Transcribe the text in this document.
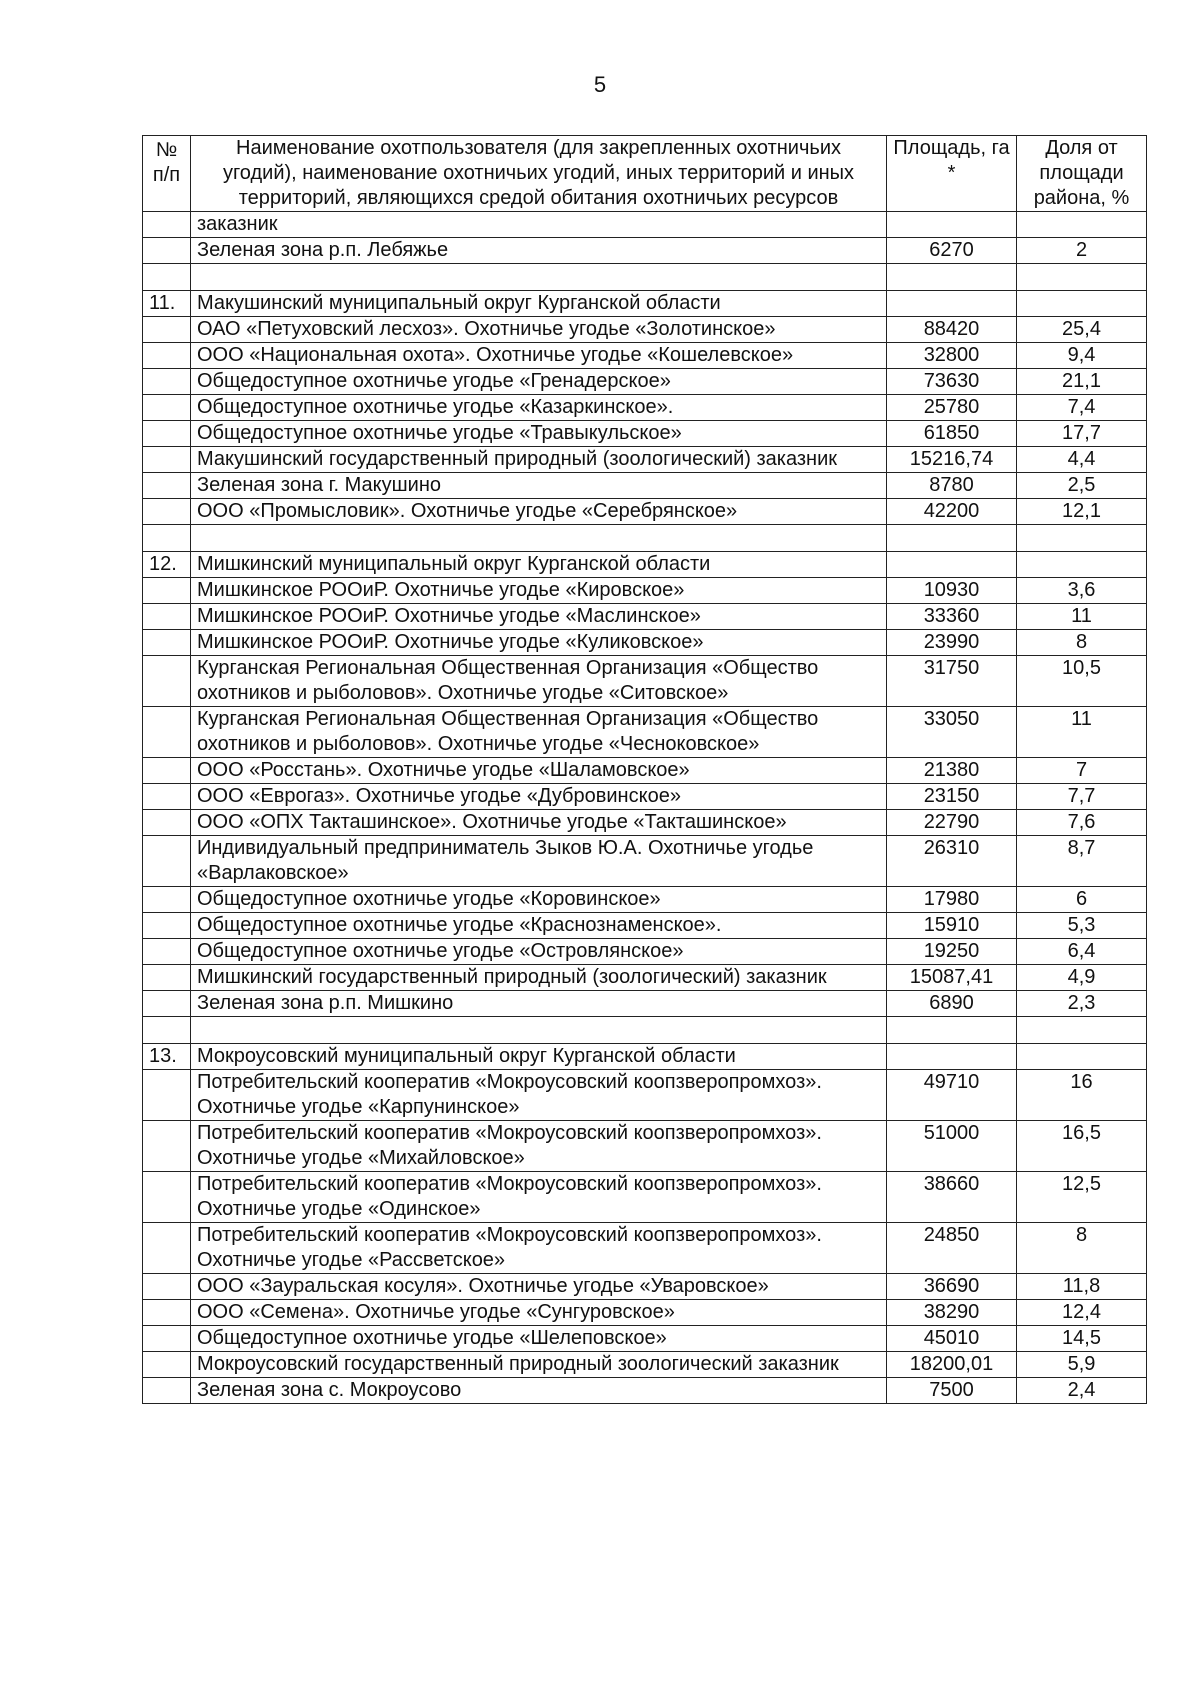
5
№ п/п	Наименование охотпользователя (для закрепленных охотничьих угодий), наименование охотничьих угодий, иных территорий и иных территорий, являющихся средой обитания охотничьих ресурсов	Площадь, га *	Доля от площади района, %
	заказник		
	Зеленая зона р.п. Лебяжье	6270	2

11.	Макушинский муниципальный округ Курганской области		
	ОАО «Петуховский лесхоз». Охотничье угодье «Золотинское»	88420	25,4
	ООО «Национальная охота». Охотничье угодье «Кошелевское»	32800	9,4
	Общедоступное охотничье угодье «Гренадерское»	73630	21,1
	Общедоступное охотничье угодье «Казаркинское».	25780	7,4
	Общедоступное охотничье угодье «Травыкульское»	61850	17,7
	Макушинский государственный природный (зоологический) заказник	15216,74	4,4
	Зеленая зона г. Макушино	8780	2,5
	ООО «Промысловик». Охотничье угодье «Серебрянское»	42200	12,1

12.	Мишкинский муниципальный округ Курганской области		
	Мишкинское РООиР. Охотничье угодье «Кировское»	10930	3,6
	Мишкинское РООиР. Охотничье угодье «Маслинское»	33360	11
	Мишкинское РООиР. Охотничье угодье «Куликовское»	23990	8
	Курганская Региональная Общественная Организация «Общество охотников и рыболовов». Охотничье угодье «Ситовское»	31750	10,5
	Курганская Региональная Общественная Организация «Общество охотников и рыболовов». Охотничье угодье «Чесноковское»	33050	11
	ООО «Росстань». Охотничье угодье «Шаламовское»	21380	7
	ООО «Еврогаз». Охотничье угодье «Дубровинское»	23150	7,7
	ООО «ОПХ Такташинское». Охотничье угодье «Такташинское»	22790	7,6
	Индивидуальный предприниматель Зыков Ю.А. Охотничье угодье «Варлаковское»	26310	8,7
	Общедоступное охотничье угодье «Коровинское»	17980	6
	Общедоступное охотничье угодье «Краснознаменское».	15910	5,3
	Общедоступное охотничье угодье «Островлянское»	19250	6,4
	Мишкинский государственный природный (зоологический) заказник	15087,41	4,9
	Зеленая зона р.п. Мишкино	6890	2,3

13.	Мокроусовский муниципальный округ Курганской области		
	Потребительский кооператив «Мокроусовский коопзверопромхоз». Охотничье угодье «Карпунинское»	49710	16
	Потребительский кооператив «Мокроусовский коопзверопромхоз». Охотничье угодье «Михайловское»	51000	16,5
	Потребительский кооператив «Мокроусовский коопзверопромхоз». Охотничье угодье «Одинское»	38660	12,5
	Потребительский кооператив «Мокроусовский коопзверопромхоз». Охотничье угодье «Рассветское»	24850	8
	ООО «Зауральская косуля». Охотничье угодье «Уваровское»	36690	11,8
	ООО «Семена». Охотничье угодье «Сунгуровское»	38290	12,4
	Общедоступное охотничье угодье «Шелеповское»	45010	14,5
	Мокроусовский государственный природный зоологический заказник	18200,01	5,9
	Зеленая зона с. Мокроусово	7500	2,4
